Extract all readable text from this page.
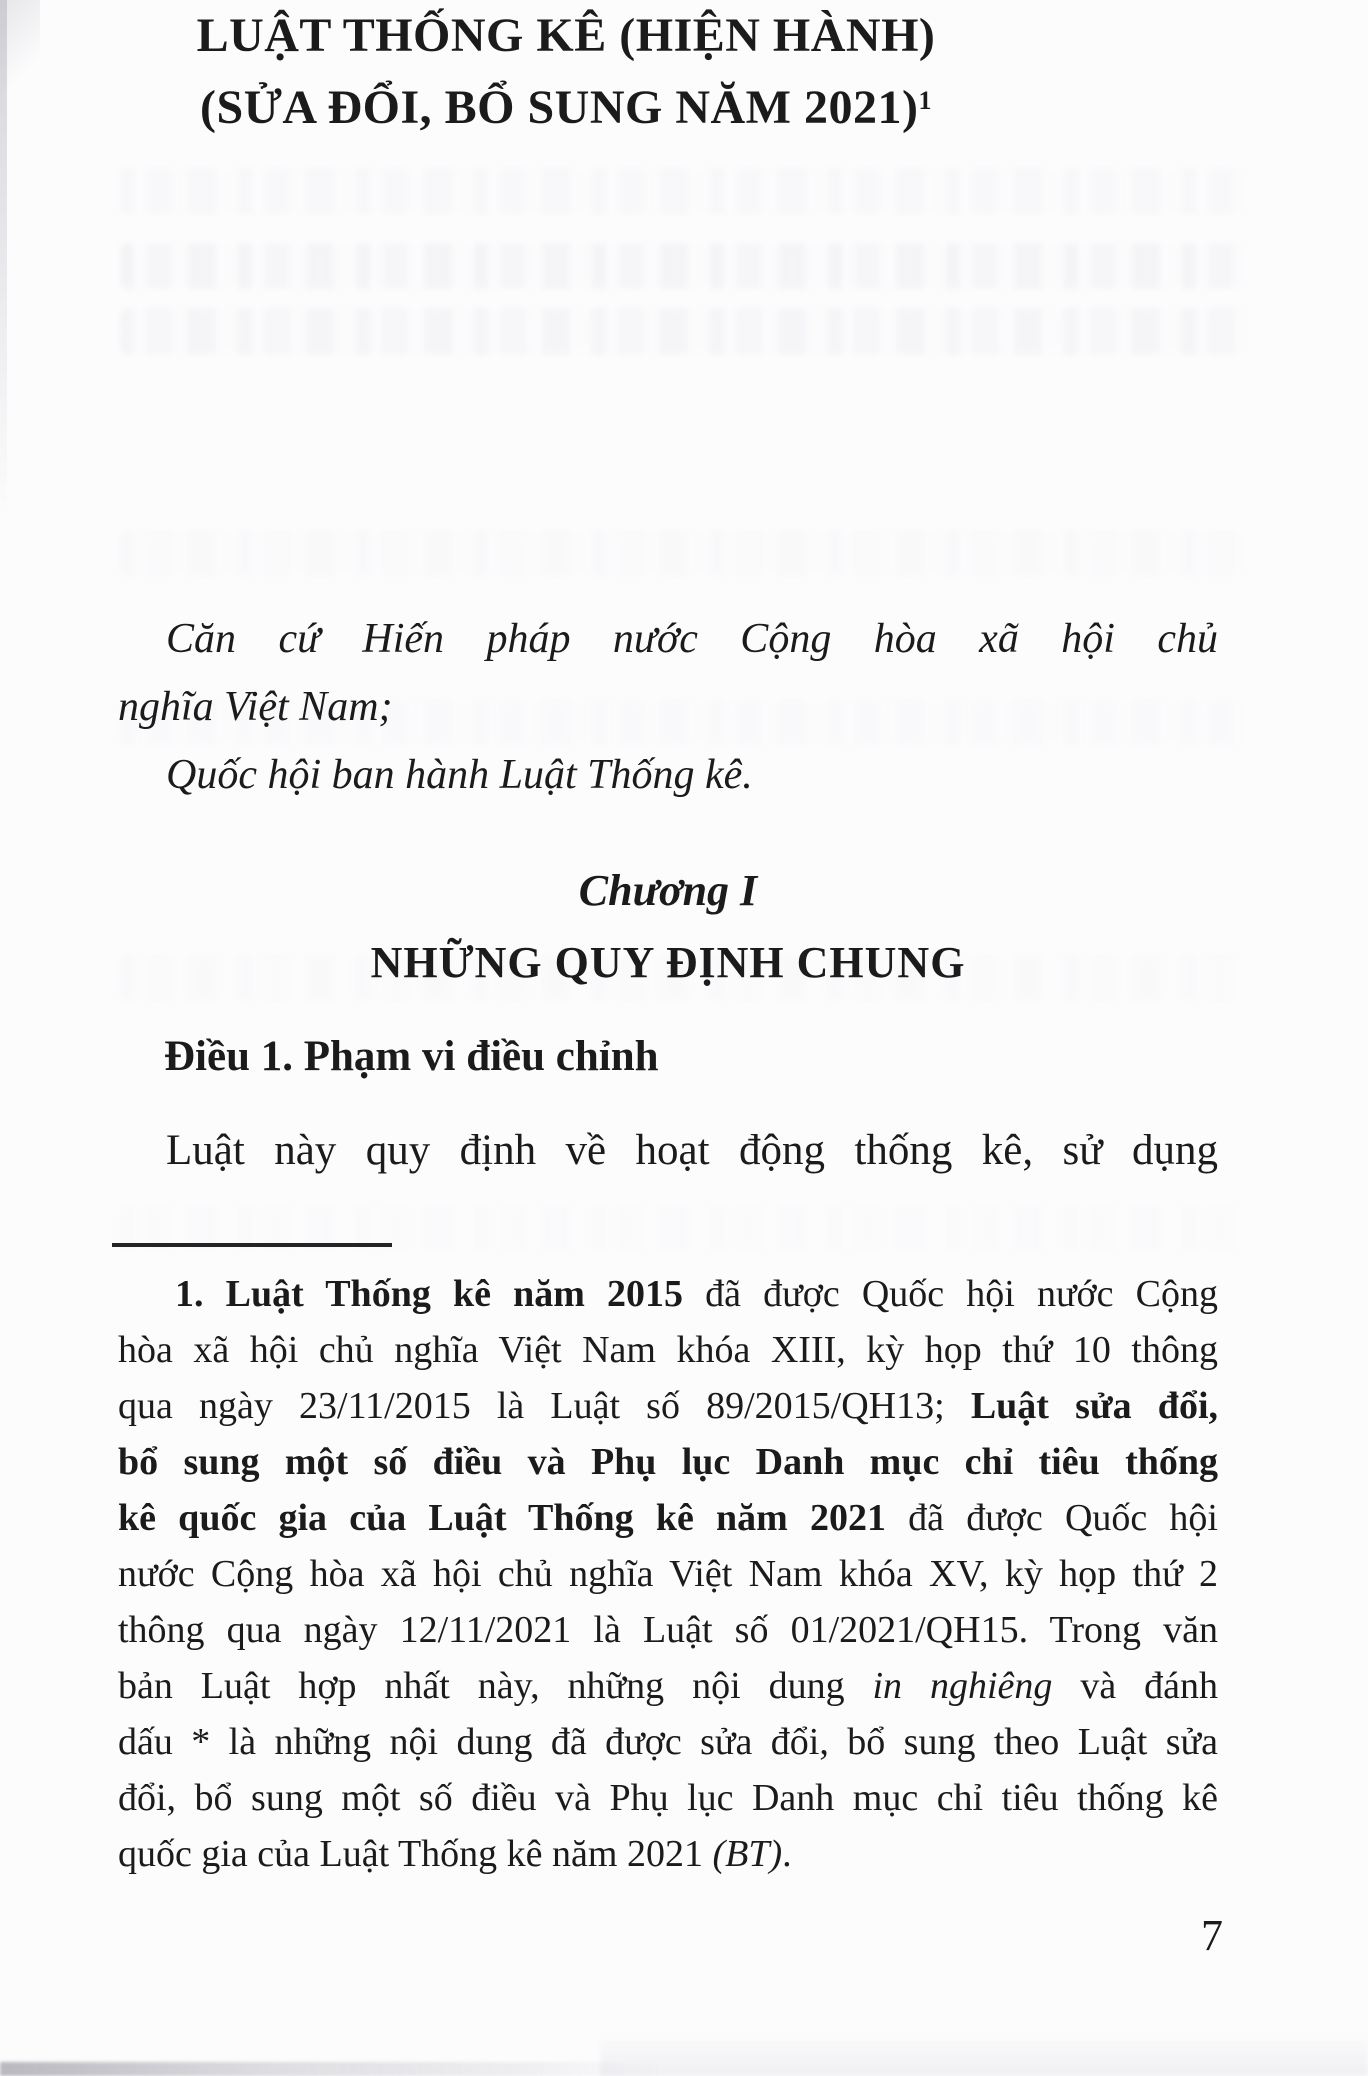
LUẬT THỐNG KÊ (HIỆN HÀNH)
(SỬA ĐỔI, BỔ SUNG NĂM 2021)$^1$
Căn cứ Hiến pháp nước Cộng hòa xã hội chủ
nghĩa Việt Nam;
Quốc hội ban hành Luật Thống kê.
Chương I
NHỮNG QUY ĐỊNH CHUNG
Điều 1. Phạm vi điều chỉnh
Luật này quy định về hoạt động thống kê, sử dụng
1. Luật Thống kê năm 2015 đã được Quốc hội nước Cộng
hòa xã hội chủ nghĩa Việt Nam khóa XIII, kỳ họp thứ 10 thông
qua ngày 23/11/2015 là Luật số 89/2015/QH13; Luật sửa đổi,
bổ sung một số điều và Phụ lục Danh mục chỉ tiêu thống
kê quốc gia của Luật Thống kê năm 2021 đã được Quốc hội
nước Cộng hòa xã hội chủ nghĩa Việt Nam khóa XV, kỳ họp thứ 2
thông qua ngày 12/11/2021 là Luật số 01/2021/QH15. Trong văn
bản Luật hợp nhất này, những nội dung in nghiêng và đánh
dấu * là những nội dung đã được sửa đổi, bổ sung theo Luật sửa
đổi, bổ sung một số điều và Phụ lục Danh mục chỉ tiêu thống kê
quốc gia của Luật Thống kê năm 2021 (BT).
7
